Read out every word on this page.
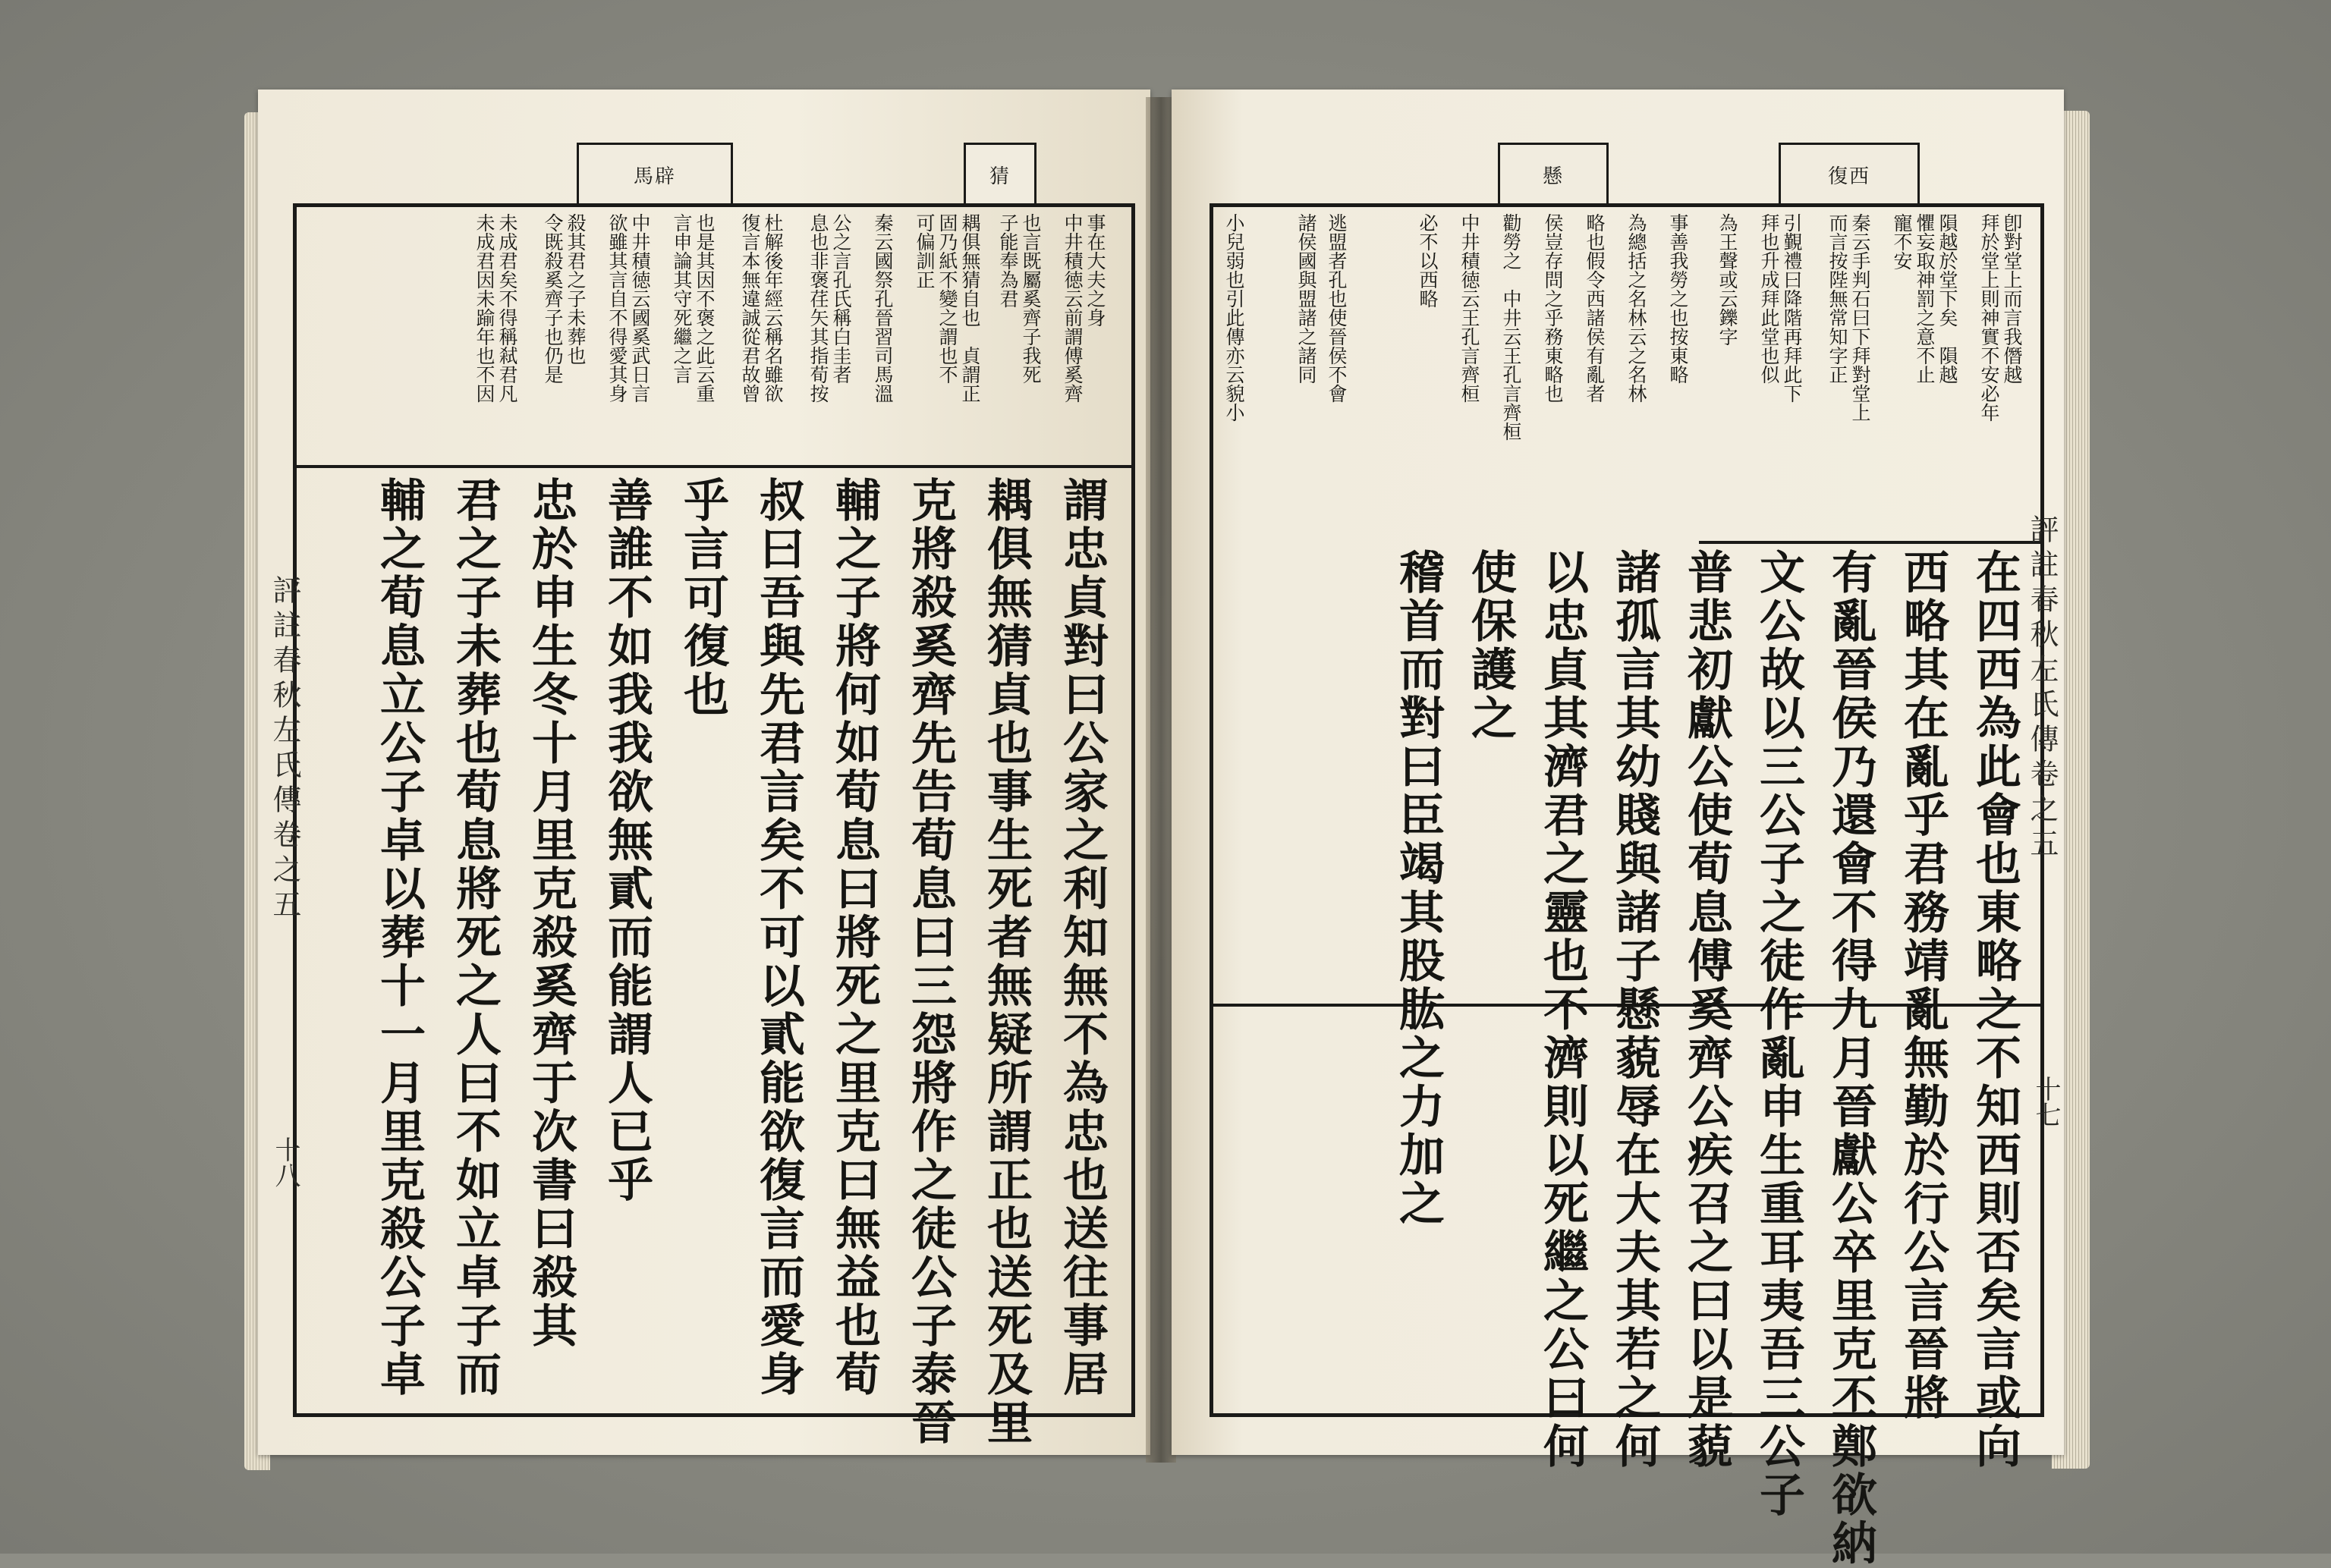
馬辟	猜
事在大夫之身
中井積徳云前謂傅奚齊
也言既屬奚齊子我死
子能奉為君
耦俱無猜自也　貞謂正
固乃紙不變之謂也不
可偏訓正
秦云國祭孔晉習司馬溫
公之言孔氏稱白圭者
息也非褒荏矢其指荀按
杜解後年經云稱名雖欲
復言本無違誠從君故曾
也是其因不褒之此云重
言申論其守死繼之言
中井積徳云國奚武日言
欲雖其言自不得愛其身
殺其君之子未葬也
令既殺奚齊子也仍是
未成君矣不得稱弒君凡
未成君因未踰年也不因
謂忠貞對曰公家之利知無不為忠也送往事居
耦俱無猜貞也事生死者無疑所謂正也送死及里
克將殺奚齊先告荀息曰三怨將作之徒公子泰晉
輔之子將何如荀息曰將死之里克曰無益也荀
叔曰吾與先君言矣不可以貳能欲復言而愛身
乎言可復也
善誰不如我我欲無貳而能謂人已乎
忠於申生冬十月里克殺奚齊于次書曰殺其
君之子未葬也荀息將死之人曰不如立卓子而
輔之荀息立公子卓以葬十一月里克殺公子卓
評註春秋左氏傳卷之五
十八
懸	復西
卽對堂上而言我僭越
拜於堂上則神實不安必年
隕越於堂下矣　隕越
懼妄取神罰之意不止
寵不安
秦云手判石曰下拜對堂上
而言按陛無常知字正
引覲禮曰降階再拜此下
拜也升成拜此堂也似
為王聲或云鑠字
事善我勞之也按東略
為總括之名林云之名林
略也假令西諸侯有亂者
侯豈存問之乎務東略也
勸勞之　中井云王孔言齊桓
中井積徳云王孔言齊桓
必不以西略
逃盟者孔也使晉侯不會
諸侯國與盟諸之諸同
小兒弱也引此傳亦云貌小
在四西為此會也東略之不知西則否矣言或向
西略其在亂乎君務靖亂無勤於行公言晉將
有亂晉侯乃還會不得九月晉獻公卒里克丕鄭欲納
文公故以三公子之徒作亂申生重耳夷吾三公子
普悲初獻公使荀息傅奚齊公疾召之曰以是藐
諸孤言其幼賤與諸子懸藐辱在大夫其若之何
以忠貞其濟君之靈也不濟則以死繼之公曰何
使保護之
稽首而對曰臣竭其股肱之力加之	評註春秋左氏傳卷之五
十七
